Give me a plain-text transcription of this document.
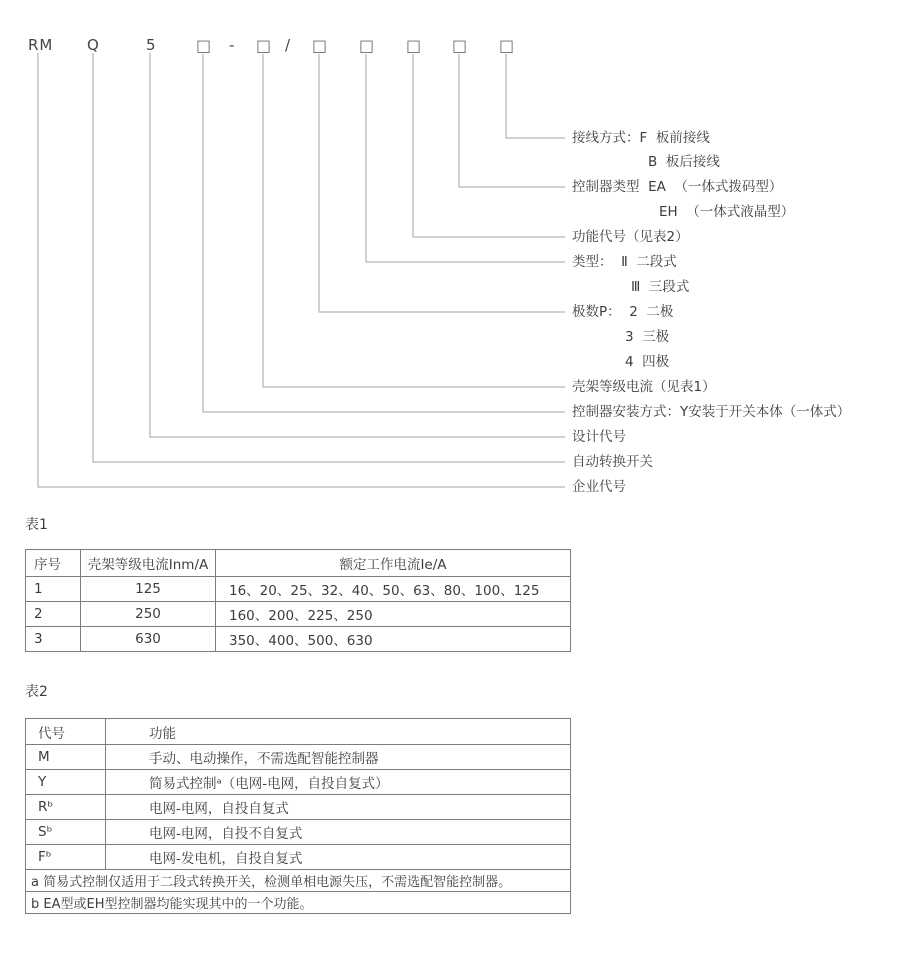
RM Q	5 □ - □ / □ □ □ □ □
接线方式：F  板前接线
B  板后接线
控制器类型  EA  （一体式拨码型）
EH  （一体式液晶型）
功能代号（见表2）
类型：  Ⅱ  二段式
Ⅲ  三段式
极数P：  2  二极
3  三极
4  四极
壳架等级电流（见表1）
控制器安装方式：Y安装于开关本体（一体式）
设计代号
自动转换开关
企业代号
表1
序号	壳架等级电流Inm/A	额定工作电流Ie/A
1	125	16、20、25、32、40、50、63、80、100、125
2	250	160、200、225、250
3	630	350、400、500、630
表2
代号	功能
M	手动、电动操作，不需选配智能控制器
Y	简易式控制ᵃ（电网-电网，自投自复式）
Rᵇ	电网-电网，自投自复式
Sᵇ	电网-电网，自投不自复式
Fᵇ	电网-发电机，自投自复式
a 简易式控制仅适用于二段式转换开关，检测单相电源失压，不需选配智能控制器。	
b EA型或EH型控制器均能实现其中的一个功能。	
